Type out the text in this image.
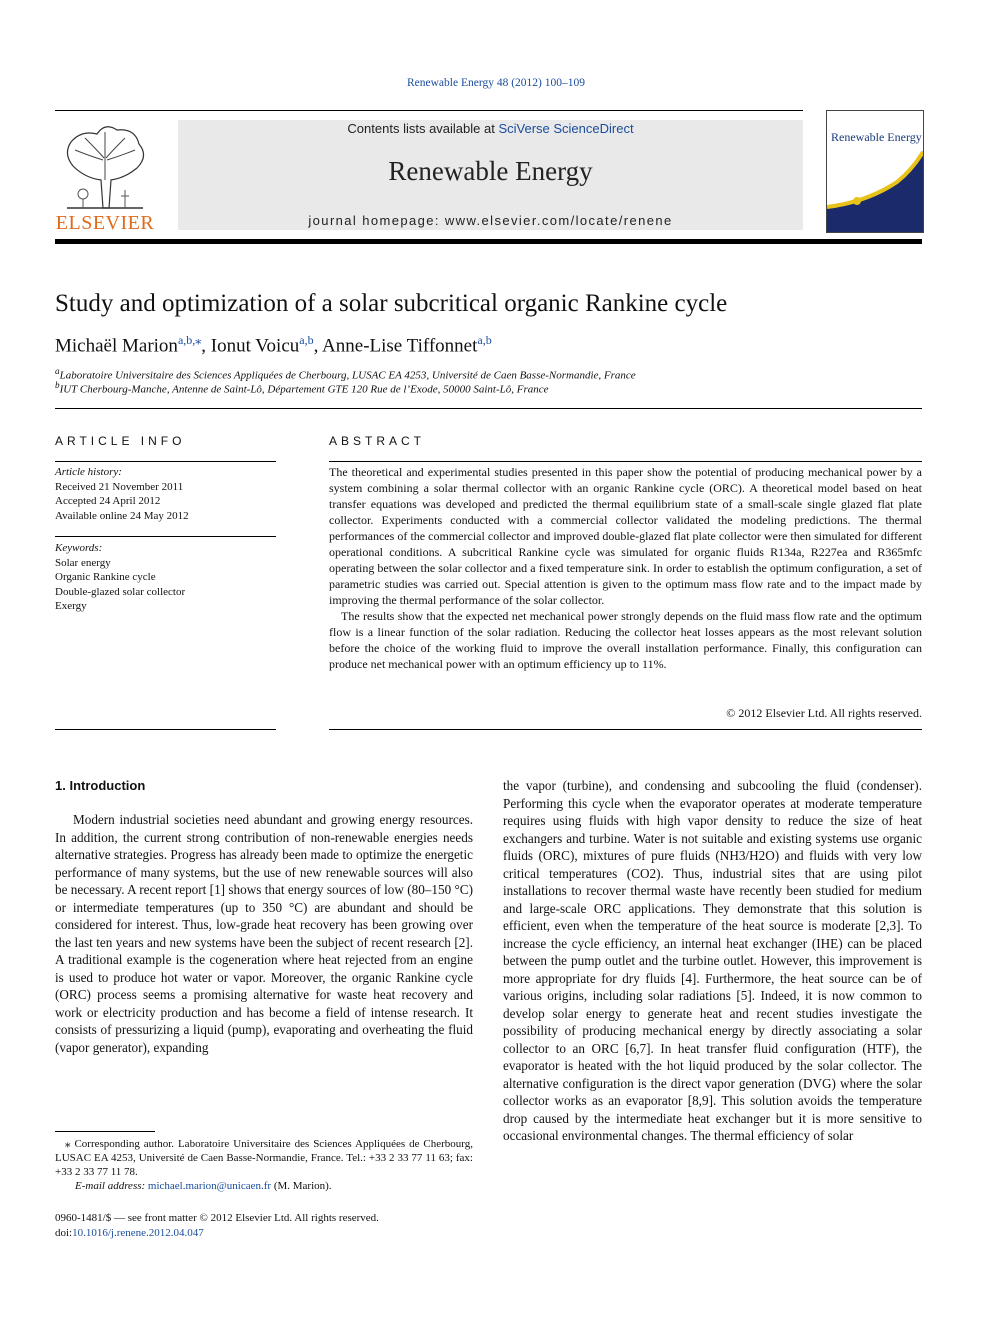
Renewable Energy 48 (2012) 100–109
ELSEVIER
Contents lists available at SciVerse ScienceDirect
Renewable Energy
journal homepage: www.elsevier.com/locate/renene
Renewable Energy
Study and optimization of a solar subcritical organic Rankine cycle
Michaël Marion$^{a,b,⁎}$, Ionut Voicu$^{a,b}$, Anne-Lise Tiffonnet$^{a,b}$
$^a$Laboratoire Universitaire des Sciences Appliquées de Cherbourg, LUSAC EA 4253, Université de Caen Basse-Normandie, France
$^b$IUT Cherbourg-Manche, Antenne de Saint-Lô, Département GTE 120 Rue de l’Exode, 50000 Saint-Lô, France
ARTICLE INFO
Article history:
Received 21 November 2011
Accepted 24 April 2012
Available online 24 May 2012
Keywords:
Solar energy
Organic Rankine cycle
Double-glazed solar collector
Exergy
ABSTRACT

The theoretical and experimental studies presented in this paper show the potential of producing mechanical power by a system combining a solar thermal collector with an organic Rankine cycle (ORC). A theoretical model based on heat transfer equations was developed and predicted the thermal equilibrium state of a small-scale single glazed flat plate collector. Experiments conducted with a commercial collector validated the modeling predictions. The thermal performances of the commercial collector and improved double-glazed flat plate collector were then simulated for different operational conditions. A subcritical Rankine cycle was simulated for organic fluids R134a, R227ea and R365mfc operating between the solar collector and a fixed temperature sink. In order to establish the optimum configuration, a set of parametric studies was carried out. Special attention is given to the optimum mass flow rate and to the impact made by improving the thermal performance of the solar collector.

The results show that the expected net mechanical power strongly depends on the fluid mass flow rate and the optimum flow is a linear function of the solar radiation. Reducing the collector heat losses appears as the most relevant solution before the choice of the working fluid to improve the overall installation performance. Finally, this configuration can produce net mechanical power with an optimum efficiency up to 11%.

© 2012 Elsevier Ltd. All rights reserved.
1. Introduction

Modern industrial societies need abundant and growing energy resources. In addition, the current strong contribution of non-renewable energies needs alternative strategies. Progress has already been made to optimize the energetic performance of many systems, but the use of new renewable sources will also be necessary. A recent report [1] shows that energy sources of low (80–150 °C) or intermediate temperatures (up to 350 °C) are abundant and should be considered for interest. Thus, low-grade heat recovery has been growing over the last ten years and new systems have been the subject of recent research [2]. A traditional example is the cogeneration where heat rejected from an engine is used to produce hot water or vapor. Moreover, the organic Rankine cycle (ORC) process seems a promising alternative for waste heat recovery and work or electricity production and has become a field of intense research. It consists of pressurizing a liquid (pump), evaporating and overheating the fluid (vapor generator), expanding

the vapor (turbine), and condensing and subcooling the fluid (condenser). Performing this cycle when the evaporator operates at moderate temperature requires using fluids with high vapor density to reduce the size of heat exchangers and turbine. Water is not suitable and existing systems use organic fluids (ORC), mixtures of pure fluids (NH3/H2O) and fluids with very low critical temperatures (CO2). Thus, industrial sites that are using pilot installations to recover thermal waste have recently been studied for medium and large-scale ORC applications. They demonstrate that this solution is efficient, even when the temperature of the heat source is moderate [2,3]. To increase the cycle efficiency, an internal heat exchanger (IHE) can be placed between the pump outlet and the turbine outlet. However, this improvement is more appropriate for dry fluids [4]. Furthermore, the heat source can be of various origins, including solar radiations [5]. Indeed, it is now common to develop solar energy to generate heat and recent studies investigate the possibility of producing mechanical energy by directly associating a solar collector to an ORC [6,7]. In heat transfer fluid configuration (HTF), the evaporator is heated with the hot liquid produced by the solar collector. The alternative configuration is the direct vapor generation (DVG) where the solar collector works as an evaporator [8,9]. This solution avoids the temperature drop caused by the intermediate heat exchanger but it is more sensitive to occasional environmental changes. The thermal efficiency of solar

⁎ Corresponding author. Laboratoire Universitaire des Sciences Appliquées de Cherbourg, LUSAC EA 4253, Université de Caen Basse-Normandie, France. Tel.: +33 2 33 77 11 63; fax: +33 2 33 77 11 78.
E-mail address: michael.marion@unicaen.fr (M. Marion).
0960-1481/$ — see front matter © 2012 Elsevier Ltd. All rights reserved.
doi:10.1016/j.renene.2012.04.047
